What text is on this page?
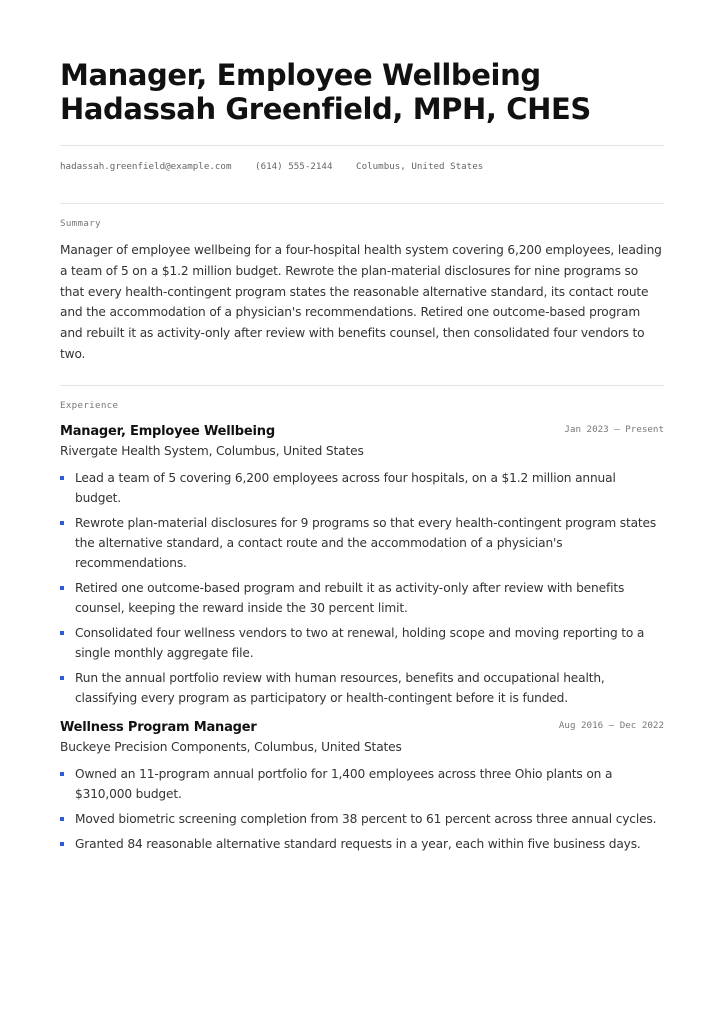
Manager, Employee Wellbeing
Hadassah Greenfield, MPH, CHES
hadassah.greenfield@example.com	(614) 555-2144	Columbus, United States
Summary
Manager of employee wellbeing for a four-hospital health system covering 6,200 employees, leading a team of 5 on a $1.2 million budget. Rewrote the plan-material disclosures for nine programs so that every health-contingent program states the reasonable alternative standard, its contact route and the accommodation of a physician's recommendations. Retired one outcome-based program and rebuilt it as activity-only after review with benefits counsel, then consolidated four vendors to two.
Experience
Manager, Employee Wellbeing	Jan 2023 — Present
Rivergate Health System, Columbus, United States
Lead a team of 5 covering 6,200 employees across four hospitals, on a $1.2 million annual budget.
Rewrote plan-material disclosures for 9 programs so that every health-contingent program states the alternative standard, a contact route and the accommodation of a physician's recommendations.
Retired one outcome-based program and rebuilt it as activity-only after review with benefits counsel, keeping the reward inside the 30 percent limit.
Consolidated four wellness vendors to two at renewal, holding scope and moving reporting to a single monthly aggregate file.
Run the annual portfolio review with human resources, benefits and occupational health, classifying every program as participatory or health-contingent before it is funded.
Wellness Program Manager	Aug 2016 — Dec 2022
Buckeye Precision Components, Columbus, United States
Owned an 11-program annual portfolio for 1,400 employees across three Ohio plants on a $310,000 budget.
Moved biometric screening completion from 38 percent to 61 percent across three annual cycles.
Granted 84 reasonable alternative standard requests in a year, each within five business days.
